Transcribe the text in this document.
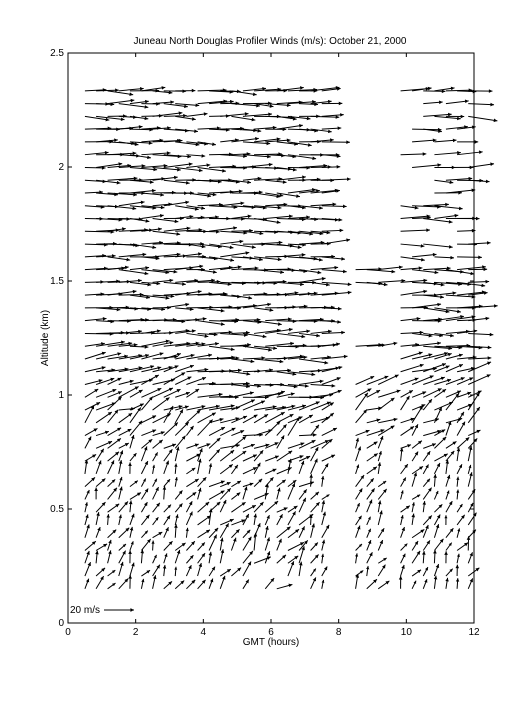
Juneau North Douglas Profiler Winds (m/s): October 21, 2000
0	2	4	6	8	10	12
0
0.5
1
1.5
2
2.5
20 m/s
GMT (hours)
Altitude (km)
